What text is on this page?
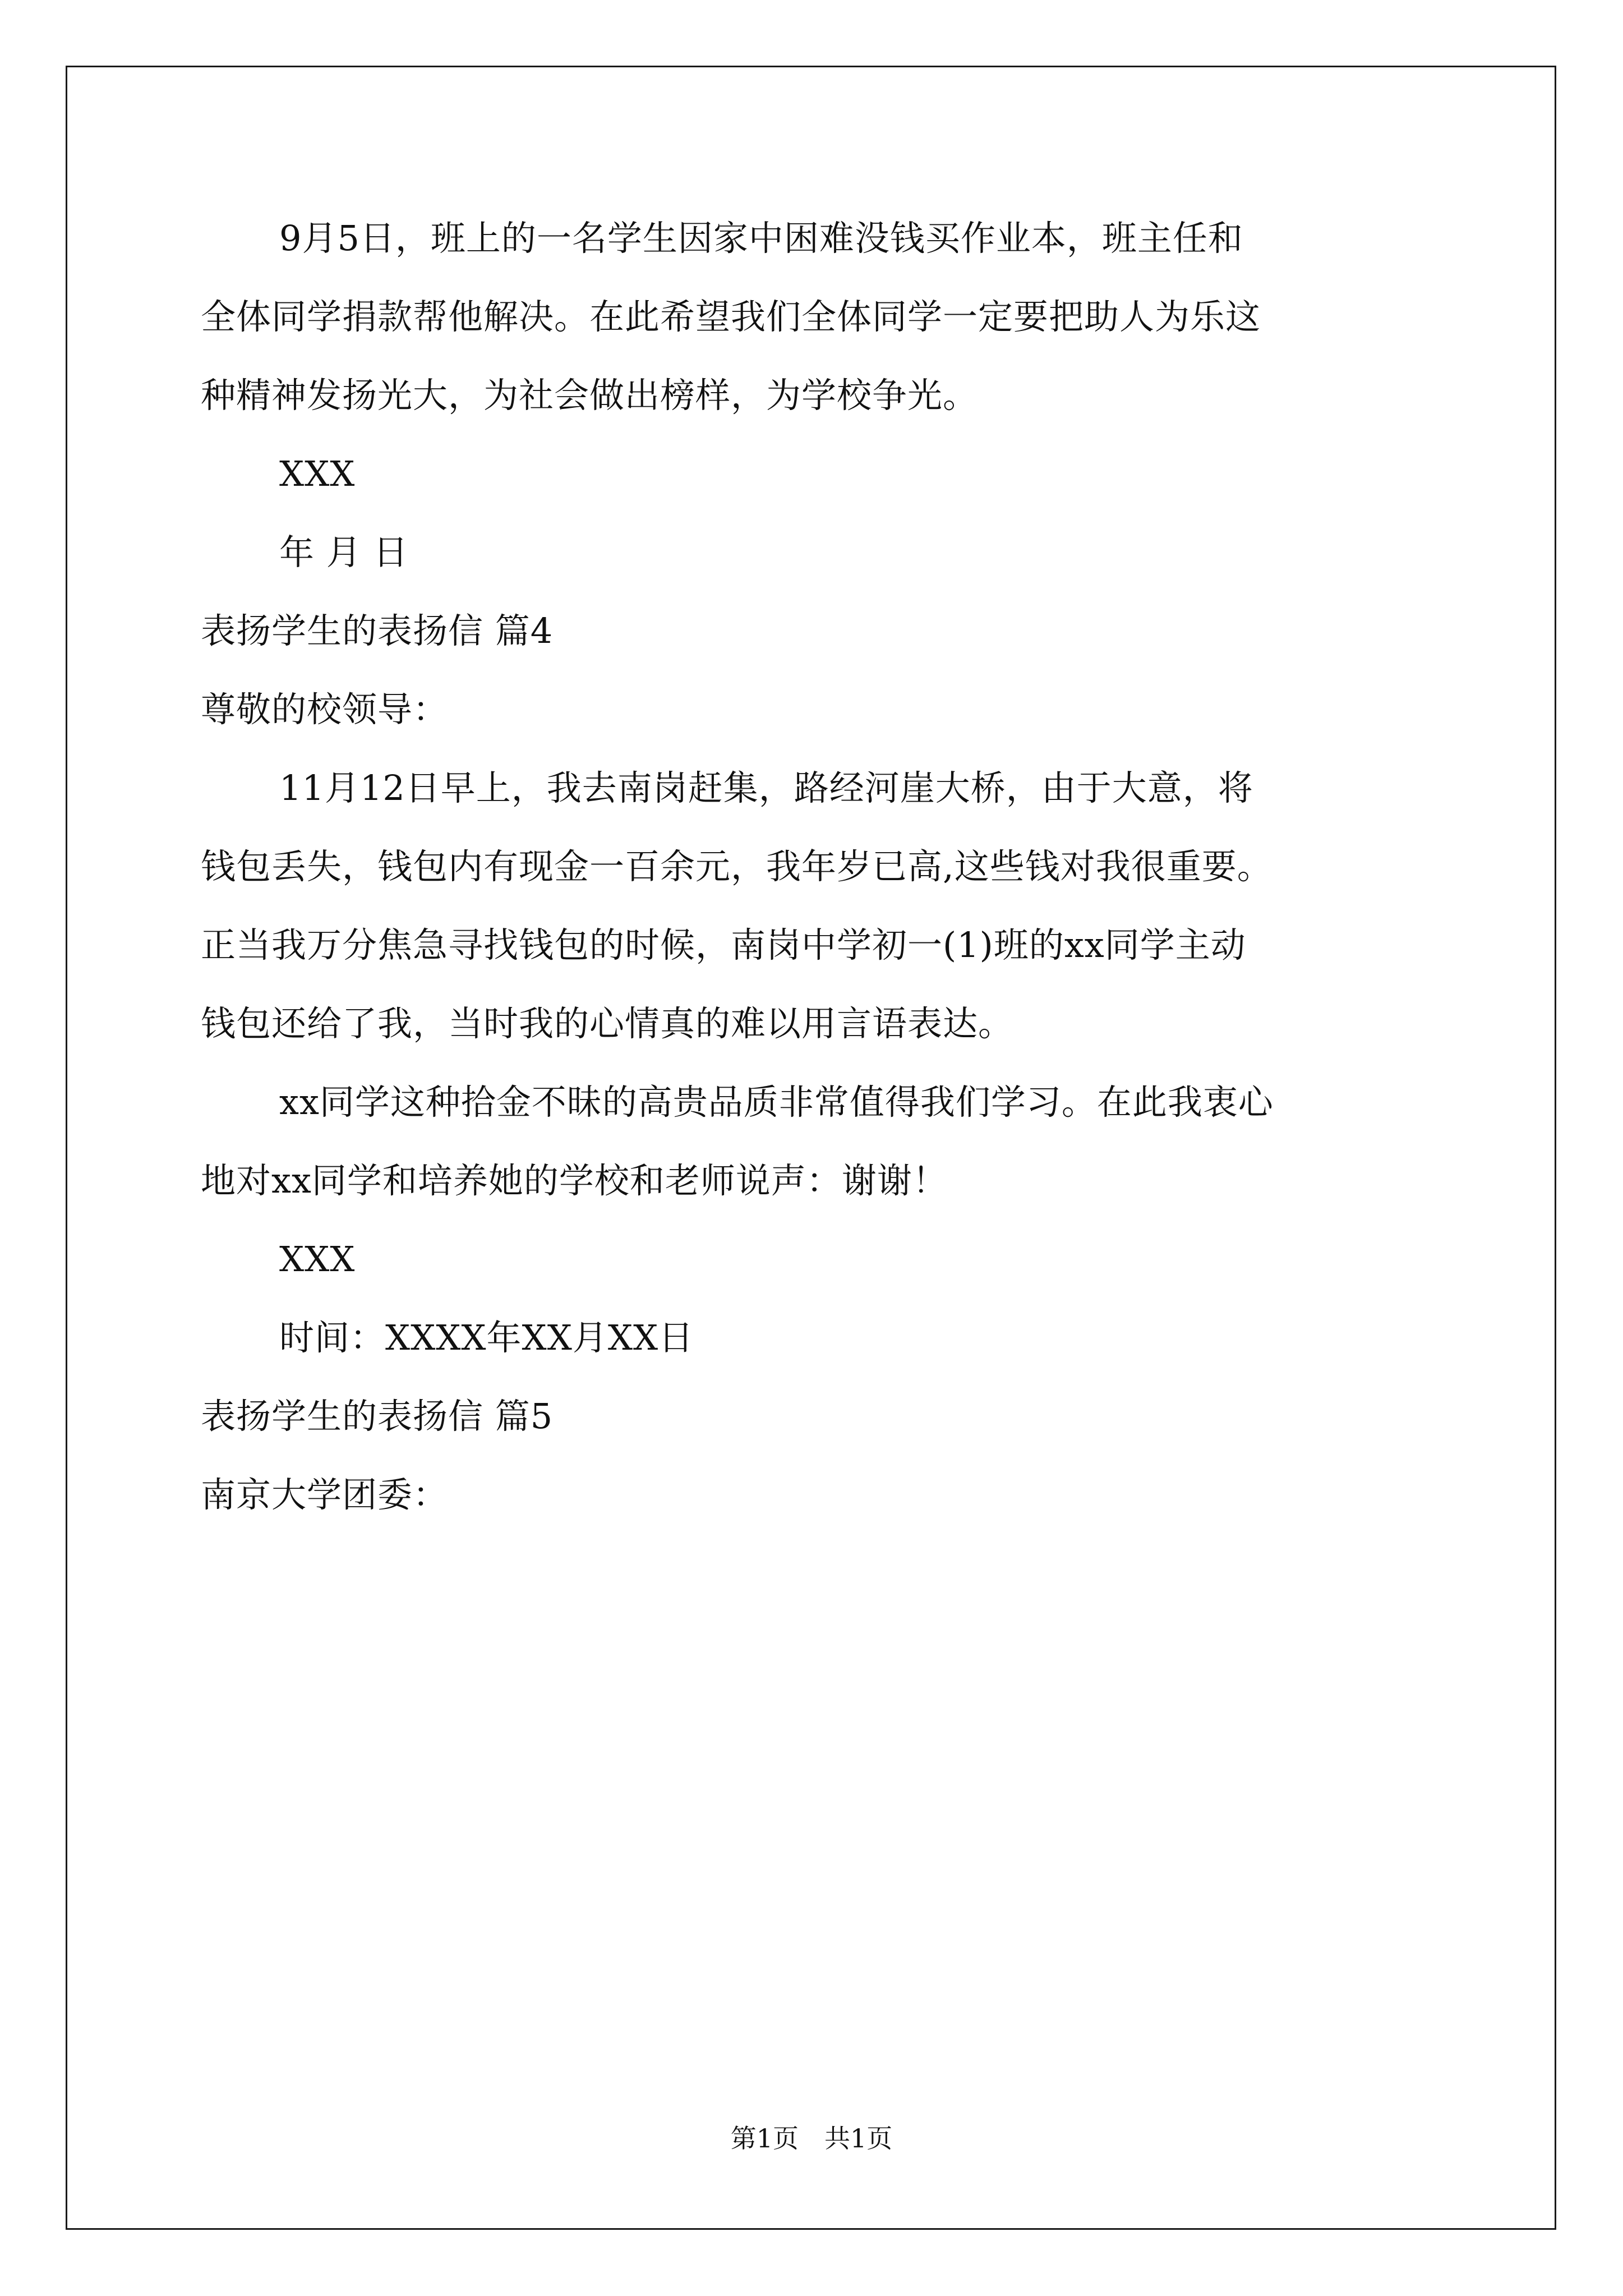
9月5日，班上的一名学生因家中困难没钱买作业本，班主任和
全体同学捐款帮他解决。在此希望我们全体同学一定要把助人为乐这
种精神发扬光大，为社会做出榜样，为学校争光。
XXX
年 月 日
表扬学生的表扬信 篇4
尊敬的校领导：
11月12日早上，我去南岗赶集，路经河崖大桥，由于大意，将
钱包丢失，钱包内有现金一百余元，我年岁已高,这些钱对我很重要。
正当我万分焦急寻找钱包的时候，南岗中学初一(1)班的xx同学主动
钱包还给了我，当时我的心情真的难以用言语表达。
xx同学这种拾金不昧的高贵品质非常值得我们学习。在此我衷心
地对xx同学和培养她的学校和老师说声：谢谢！
XXX
时间：XXXX年XX月XX日
表扬学生的表扬信 篇5
南京大学团委：
第1页　共1页
